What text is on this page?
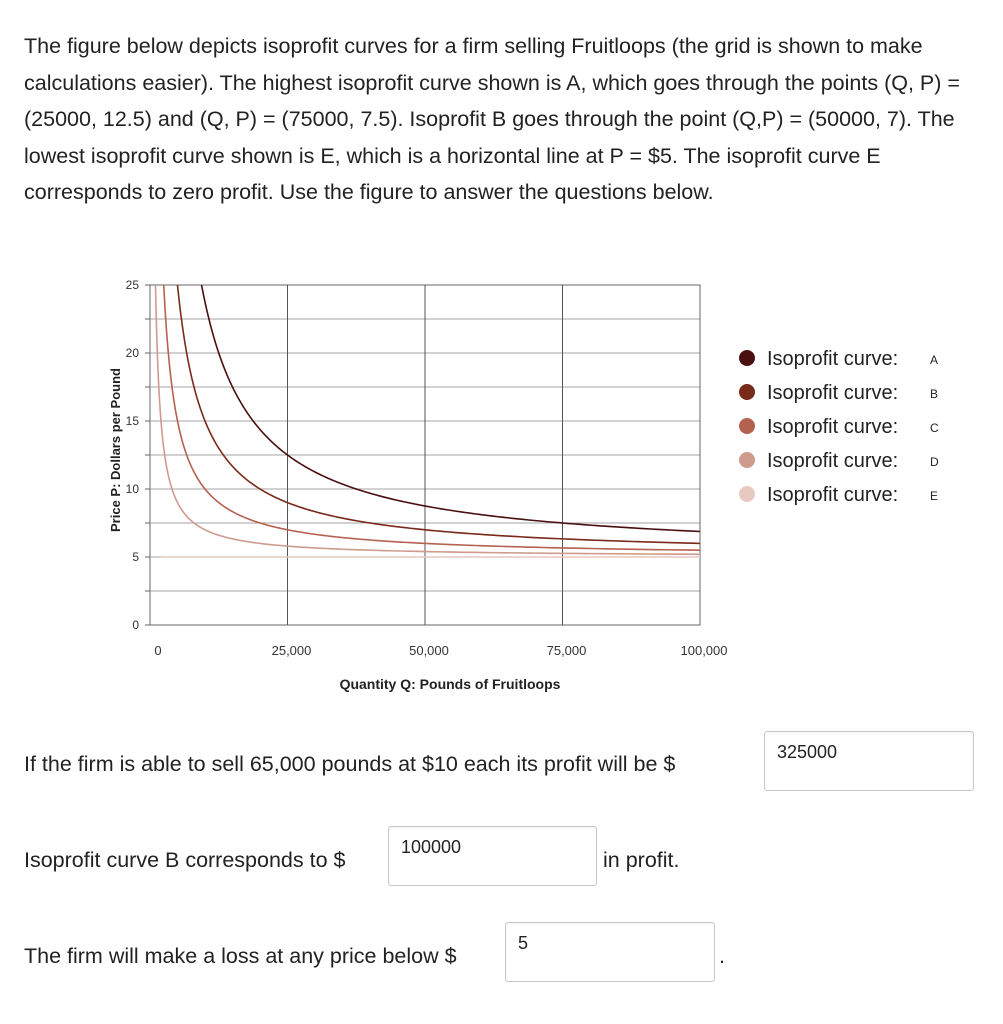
The figure below depicts isoprofit curves for a firm selling Fruitloops (the grid is shown to make calculations easier). The highest isoprofit curve shown is A, which goes through the points (Q, P) = (25000, 12.5) and (Q, P) = (75000, 7.5). Isoprofit B goes through the point (Q,P) = (50000, 7). The lowest isoprofit curve shown is E, which is a horizontal line at P = $5. The isoprofit curve E corresponds to zero profit. Use the figure to answer the questions below.

0
5
10
15
20
25
0	25,000	50,000	75,000	100,000
Quantity Q: Pounds of Fruitloops
Price P: Dollars per Pound
Isoprofit curve:	A
Isoprofit curve:	B
Isoprofit curve:	C
Isoprofit curve:	D
Isoprofit curve:	E
If the firm is able to sell 65,000 pounds at $10 each its profit will be $	325000
Isoprofit curve B corresponds to $
100000
in profit.
The firm will make a loss at any price below $
5
.
